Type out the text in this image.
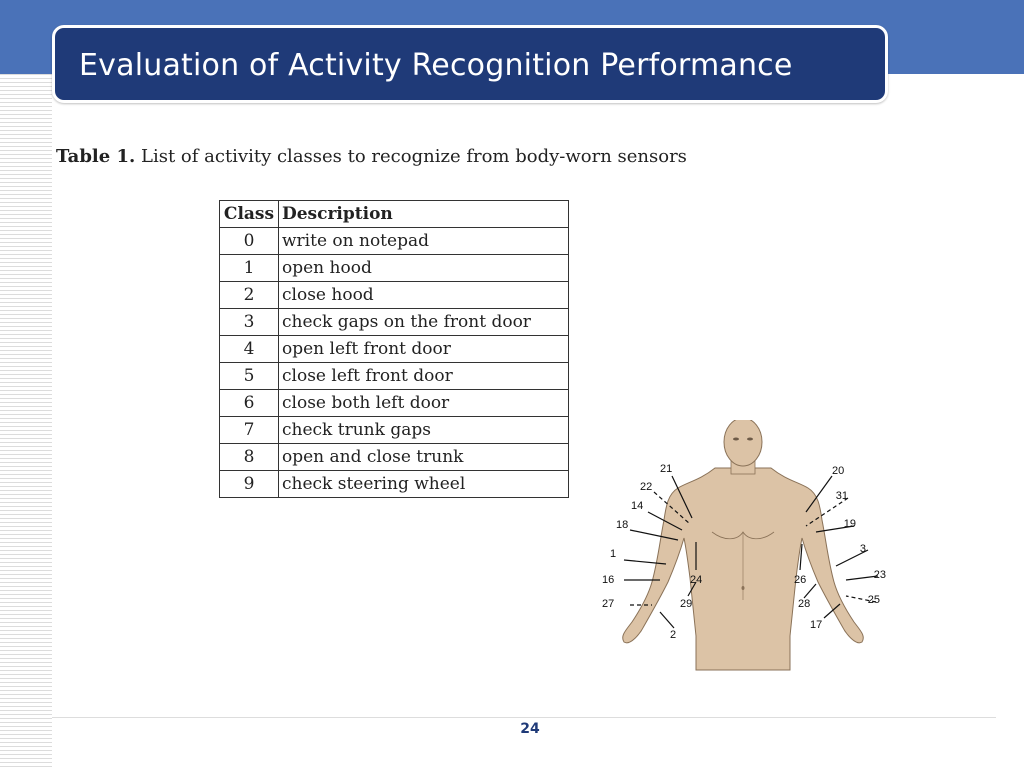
Evaluation of Activity Recognition Performance
Table 1. List of activity classes to recognize from body-worn sensors
Class	Description
0	write on notepad
1	open hood
2	close hood
3	check gaps on the front door
4	open left front door
5	close left front door
6	close both left door
7	check trunk gaps
8	open and close trunk
9	check steering wheel
21
22
14
18
1
16
27
24
29
2
20
31
19
3
26	23
28	25
17
24
